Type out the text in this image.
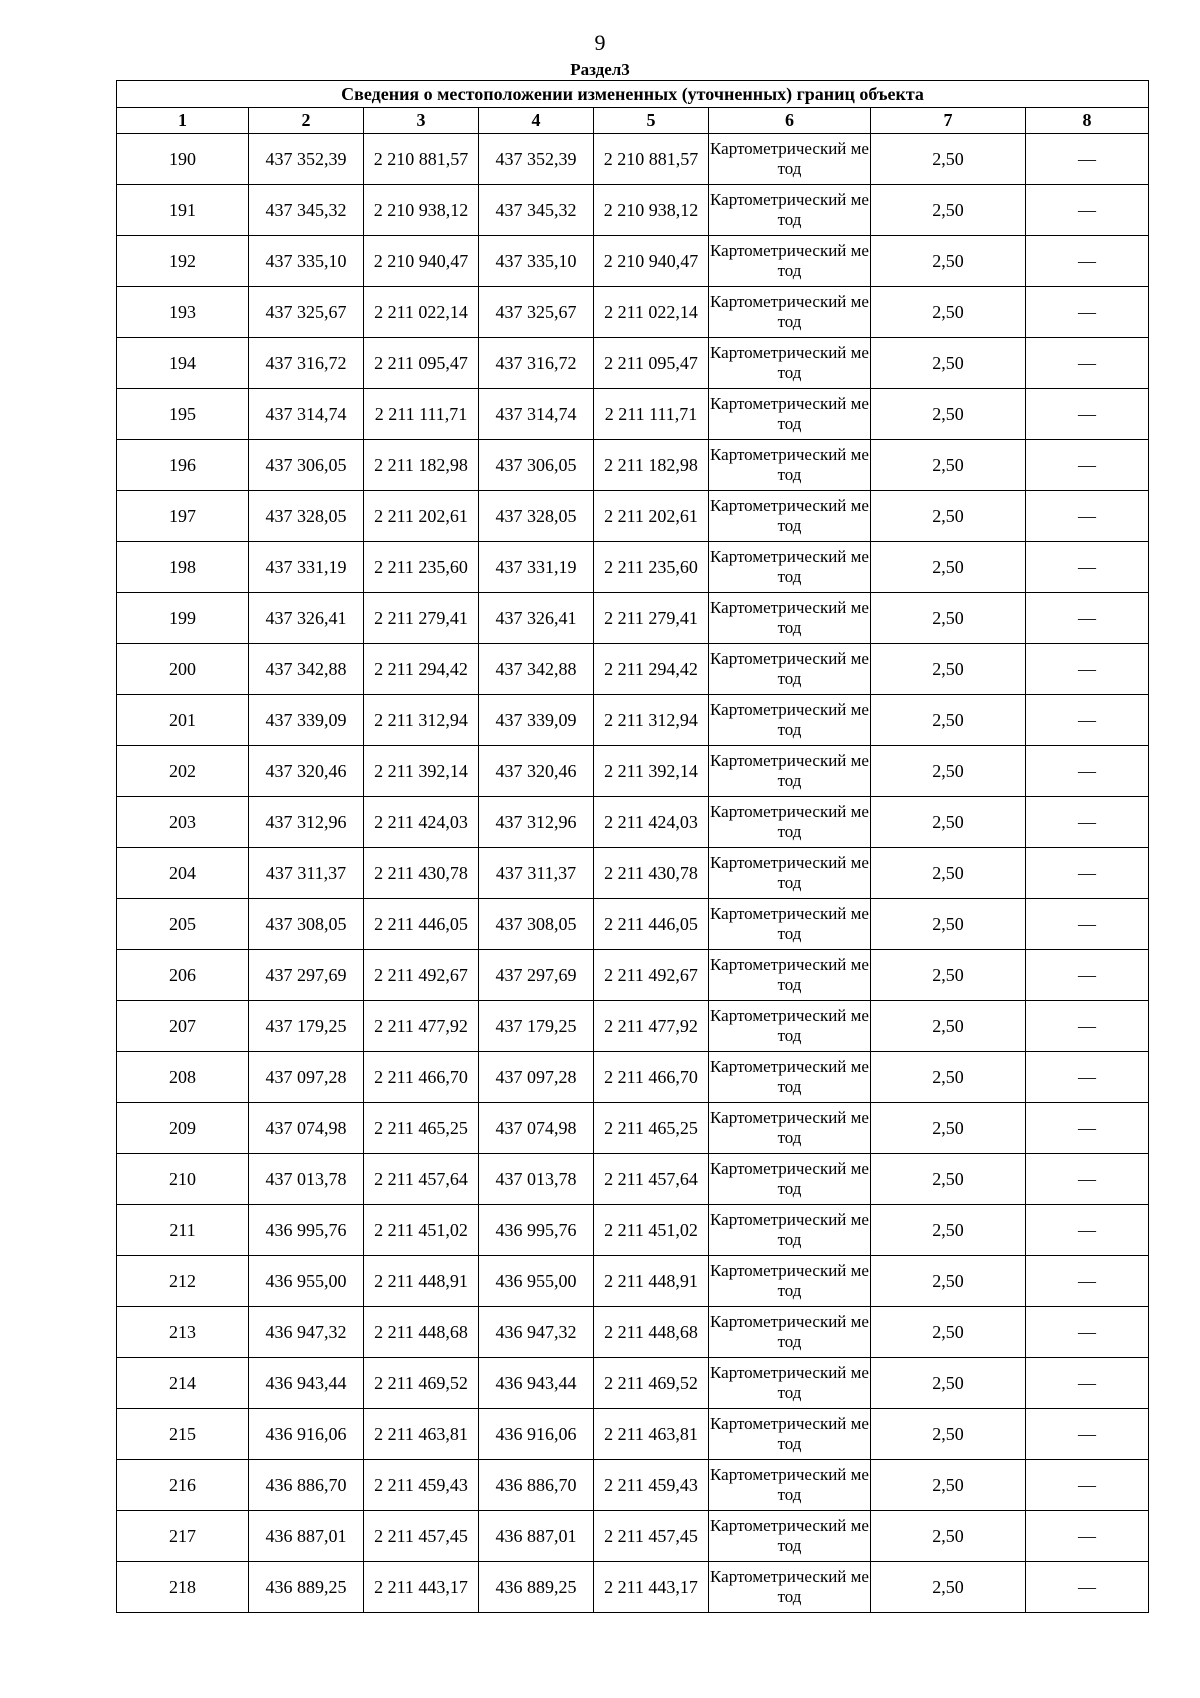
9
Раздел3
Сведения о местоположении измененных (уточненных) границ объекта							
1	2	3	4	5	6	7	8
190	437 352,39	2 210 881,57	437 352,39	2 210 881,57	Картометрический метод	2,50	—
191	437 345,32	2 210 938,12	437 345,32	2 210 938,12	Картометрический метод	2,50	—
192	437 335,10	2 210 940,47	437 335,10	2 210 940,47	Картометрический метод	2,50	—
193	437 325,67	2 211 022,14	437 325,67	2 211 022,14	Картометрический метод	2,50	—
194	437 316,72	2 211 095,47	437 316,72	2 211 095,47	Картометрический метод	2,50	—
195	437 314,74	2 211 111,71	437 314,74	2 211 111,71	Картометрический метод	2,50	—
196	437 306,05	2 211 182,98	437 306,05	2 211 182,98	Картометрический метод	2,50	—
197	437 328,05	2 211 202,61	437 328,05	2 211 202,61	Картометрический метод	2,50	—
198	437 331,19	2 211 235,60	437 331,19	2 211 235,60	Картометрический метод	2,50	—
199	437 326,41	2 211 279,41	437 326,41	2 211 279,41	Картометрический метод	2,50	—
200	437 342,88	2 211 294,42	437 342,88	2 211 294,42	Картометрический метод	2,50	—
201	437 339,09	2 211 312,94	437 339,09	2 211 312,94	Картометрический метод	2,50	—
202	437 320,46	2 211 392,14	437 320,46	2 211 392,14	Картометрический метод	2,50	—
203	437 312,96	2 211 424,03	437 312,96	2 211 424,03	Картометрический метод	2,50	—
204	437 311,37	2 211 430,78	437 311,37	2 211 430,78	Картометрический метод	2,50	—
205	437 308,05	2 211 446,05	437 308,05	2 211 446,05	Картометрический метод	2,50	—
206	437 297,69	2 211 492,67	437 297,69	2 211 492,67	Картометрический метод	2,50	—
207	437 179,25	2 211 477,92	437 179,25	2 211 477,92	Картометрический метод	2,50	—
208	437 097,28	2 211 466,70	437 097,28	2 211 466,70	Картометрический метод	2,50	—
209	437 074,98	2 211 465,25	437 074,98	2 211 465,25	Картометрический метод	2,50	—
210	437 013,78	2 211 457,64	437 013,78	2 211 457,64	Картометрический метод	2,50	—
211	436 995,76	2 211 451,02	436 995,76	2 211 451,02	Картометрический метод	2,50	—
212	436 955,00	2 211 448,91	436 955,00	2 211 448,91	Картометрический метод	2,50	—
213	436 947,32	2 211 448,68	436 947,32	2 211 448,68	Картометрический метод	2,50	—
214	436 943,44	2 211 469,52	436 943,44	2 211 469,52	Картометрический метод	2,50	—
215	436 916,06	2 211 463,81	436 916,06	2 211 463,81	Картометрический метод	2,50	—
216	436 886,70	2 211 459,43	436 886,70	2 211 459,43	Картометрический метод	2,50	—
217	436 887,01	2 211 457,45	436 887,01	2 211 457,45	Картометрический метод	2,50	—
218	436 889,25	2 211 443,17	436 889,25	2 211 443,17	Картометрический метод	2,50	—
